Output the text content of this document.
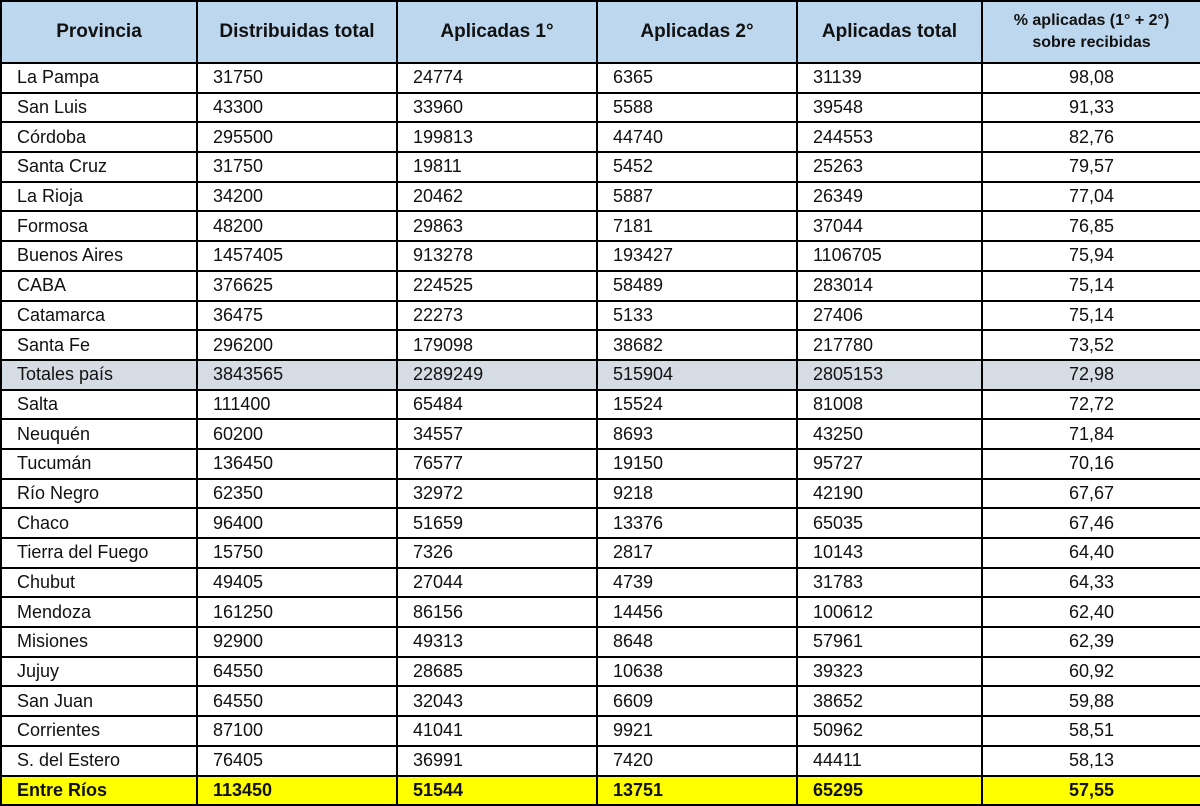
Provincia	Distribuidas total	Aplicadas 1°	Aplicadas 2°	Aplicadas total	% aplicadas (1° + 2°)
sobre recibidas
La Pampa	31750	24774	6365	31139	98,08
San Luis	43300	33960	5588	39548	91,33
Córdoba	295500	199813	44740	244553	82,76
Santa Cruz	31750	19811	5452	25263	79,57
La Rioja	34200	20462	5887	26349	77,04
Formosa	48200	29863	7181	37044	76,85
Buenos Aires	1457405	913278	193427	1106705	75,94
CABA	376625	224525	58489	283014	75,14
Catamarca	36475	22273	5133	27406	75,14
Santa Fe	296200	179098	38682	217780	73,52
Totales país	3843565	2289249	515904	2805153	72,98
Salta	111400	65484	15524	81008	72,72
Neuquén	60200	34557	8693	43250	71,84
Tucumán	136450	76577	19150	95727	70,16
Río Negro	62350	32972	9218	42190	67,67
Chaco	96400	51659	13376	65035	67,46
Tierra del Fuego	15750	7326	2817	10143	64,40
Chubut	49405	27044	4739	31783	64,33
Mendoza	161250	86156	14456	100612	62,40
Misiones	92900	49313	8648	57961	62,39
Jujuy	64550	28685	10638	39323	60,92
San Juan	64550	32043	6609	38652	59,88
Corrientes	87100	41041	9921	50962	58,51
S. del Estero	76405	36991	7420	44411	58,13
Entre Ríos	113450	51544	13751	65295	57,55
